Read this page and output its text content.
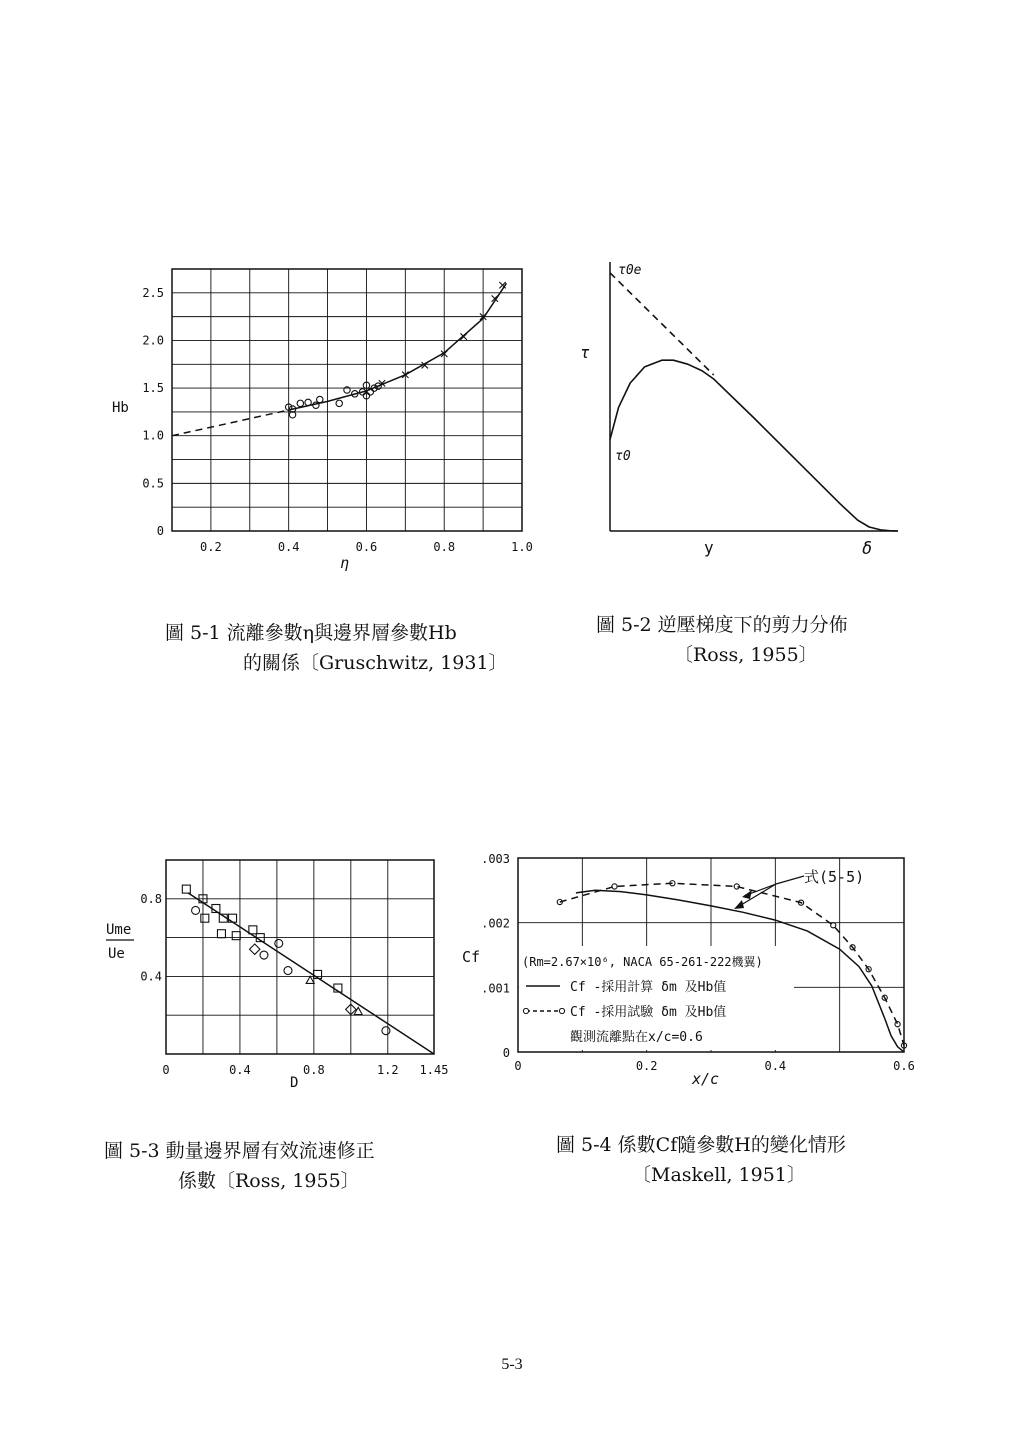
0.2	0.4	0.6	0.8	1.0
0
0.5
1.0
1.5
2.0
2.5
Hb
η
τ0e
τ
τ0
y	δ
0	0.4	0.8	1.2 1.45
0.4
0.8
Ume
Ue
D
0	0.2	0.4	0.6
0
.001
.002
.003
Cf
x/c
式(5-5)
(Rm=2.67×10⁶, NACA 65-261-222機翼)
Cf -採用計算 δm 及Hb值
Cf -採用試驗 δm 及Hb值
觀測流離點在x/c=0.6
圖 5-1 流離參數η與邊界層參數Hb
的關係〔Gruschwitz, 1931〕
圖 5-2 逆壓梯度下的剪力分佈
〔Ross, 1955〕
圖 5-3 動量邊界層有效流速修正
係數〔Ross, 1955〕
圖 5-4 係數Cf隨參數H的變化情形
〔Maskell, 1951〕
5-3
